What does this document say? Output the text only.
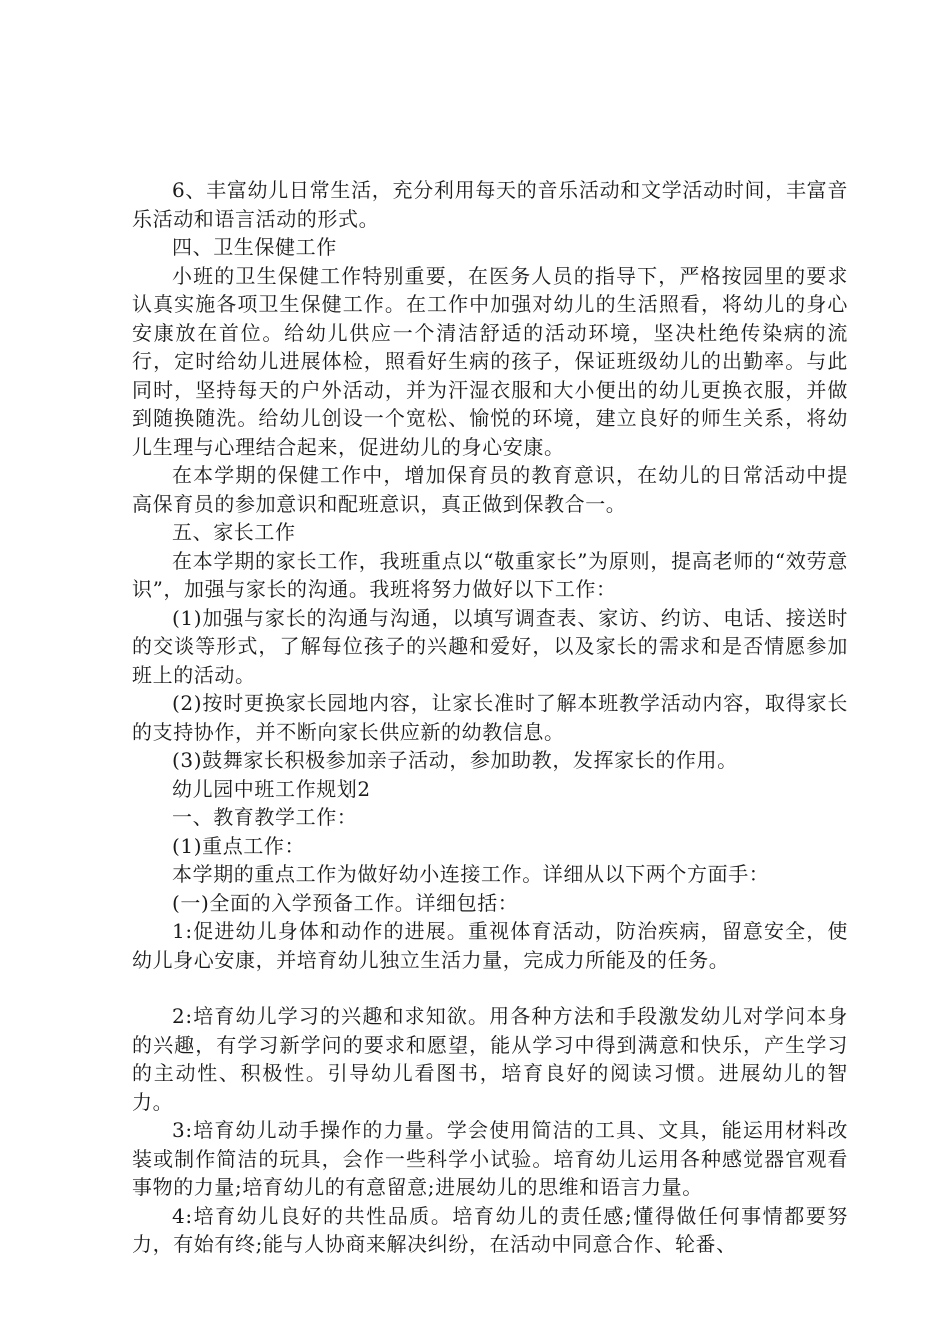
6、丰富幼儿日常生活，充分利用每天的音乐活动和文学活动时间，丰富音乐活动和语言活动的形式。

四、卫生保健工作

小班的卫生保健工作特别重要，在医务人员的指导下，严格按园里的要求认真实施各项卫生保健工作。在工作中加强对幼儿的生活照看，将幼儿的身心安康放在首位。给幼儿供应一个清洁舒适的活动环境，坚决杜绝传染病的流行，定时给幼儿进展体检，照看好生病的孩子，保证班级幼儿的出勤率。与此同时，坚持每天的户外活动，并为汗湿衣服和大小便出的幼儿更换衣服，并做到随换随洗。给幼儿创设一个宽松、愉悦的环境，建立良好的师生关系，将幼儿生理与心理结合起来，促进幼儿的身心安康。

在本学期的保健工作中，增加保育员的教育意识，在幼儿的日常活动中提高保育员的参加意识和配班意识，真正做到保教合一。

五、家长工作

在本学期的家长工作，我班重点以“敬重家长”为原则，提高老师的“效劳意识”，加强与家长的沟通。我班将努力做好以下工作：

(1)加强与家长的沟通与沟通，以填写调查表、家访、约访、电话、接送时的交谈等形式，了解每位孩子的兴趣和爱好，以及家长的需求和是否情愿参加班上的活动。

(2)按时更换家长园地内容，让家长准时了解本班教学活动内容，取得家长的支持协作，并不断向家长供应新的幼教信息。

(3)鼓舞家长积极参加亲子活动，参加助教，发挥家长的作用。

幼儿园中班工作规划2

一、教育教学工作：

(1)重点工作：

本学期的重点工作为做好幼小连接工作。详细从以下两个方面手：

(一)全面的入学预备工作。详细包括：

1:促进幼儿身体和动作的进展。重视体育活动，防治疾病，留意安全，使幼儿身心安康，并培育幼儿独立生活力量，完成力所能及的任务。

2:培育幼儿学习的兴趣和求知欲。用各种方法和手段激发幼儿对学问本身的兴趣，有学习新学问的要求和愿望，能从学习中得到满意和快乐，产生学习的主动性、积极性。引导幼儿看图书，培育良好的阅读习惯。进展幼儿的智力。

3:培育幼儿动手操作的力量。学会使用简洁的工具、文具，能运用材料改装或制作简洁的玩具，会作一些科学小试验。培育幼儿运用各种感觉器官观看事物的力量;培育幼儿的有意留意;进展幼儿的思维和语言力量。

4:培育幼儿良好的共性品质。培育幼儿的责任感;懂得做任何事情都要努力，有始有终;能与人协商来解决纠纷，在活动中同意合作、轮番、
